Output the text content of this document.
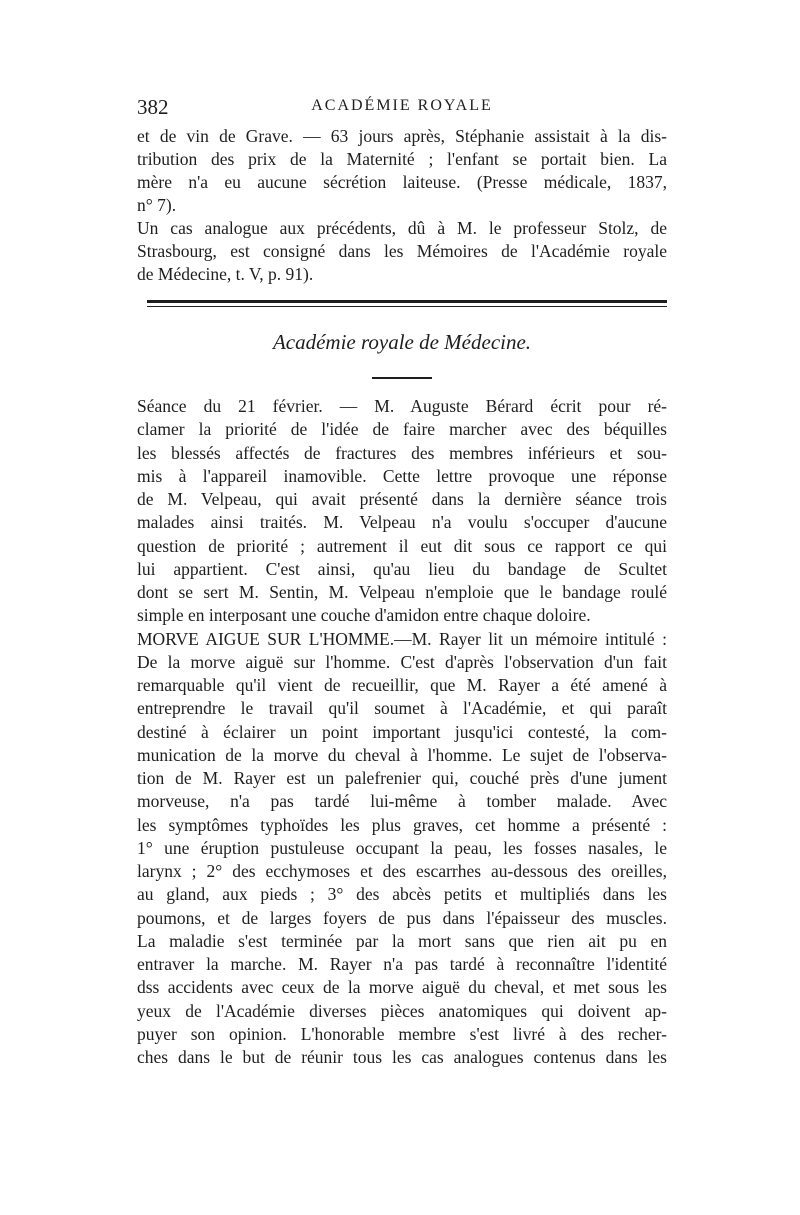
382	ACADÉMIE ROYALE

et de vin de Grave. — 63 jours après, Stéphanie assistait à la dis-

tribution des prix de la Maternité ; l'enfant se portait bien. La

mère n'a eu aucune sécrétion laiteuse. (Presse médicale, 1837,

n° 7).

Un cas analogue aux précédents, dû à M. le professeur Stolz, de

Strasbourg, est consigné dans les Mémoires de l'Académie royale

de Médecine, t. V, p. 91).

Académie royale de Médecine.

Séance du 21 février. — M. Auguste Bérard écrit pour ré-

clamer la priorité de l'idée de faire marcher avec des béquilles

les blessés affectés de fractures des membres inférieurs et sou-

mis à l'appareil inamovible. Cette lettre provoque une réponse

de M. Velpeau, qui avait présenté dans la dernière séance trois

malades ainsi traités. M. Velpeau n'a voulu s'occuper d'aucune

question de priorité ; autrement il eut dit sous ce rapport ce qui

lui appartient. C'est ainsi, qu'au lieu du bandage de Scultet

dont se sert M. Sentin, M. Velpeau n'emploie que le bandage roulé

simple en interposant une couche d'amidon entre chaque doloire.

MORVE AIGUE SUR L'HOMME.—M. Rayer lit un mémoire intitulé :

De la morve aiguë sur l'homme. C'est d'après l'observation d'un fait

remarquable qu'il vient de recueillir, que M. Rayer a été amené à

entreprendre le travail qu'il soumet à l'Académie, et qui paraît

destiné à éclairer un point important jusqu'ici contesté, la com-

munication de la morve du cheval à l'homme. Le sujet de l'observa-

tion de M. Rayer est un palefrenier qui, couché près d'une jument

morveuse, n'a pas tardé lui-même à tomber malade. Avec

les symptômes typhoïdes les plus graves, cet homme a présenté :

1° une éruption pustuleuse occupant la peau, les fosses nasales, le

larynx ; 2° des ecchymoses et des escarrhes au-dessous des oreilles,

au gland, aux pieds ; 3° des abcès petits et multipliés dans les

poumons, et de larges foyers de pus dans l'épaisseur des muscles.

La maladie s'est terminée par la mort sans que rien ait pu en

entraver la marche. M. Rayer n'a pas tardé à reconnaître l'identité

dss accidents avec ceux de la morve aiguë du cheval, et met sous les

yeux de l'Académie diverses pièces anatomiques qui doivent ap-

puyer son opinion. L'honorable membre s'est livré à des recher-

ches dans le but de réunir tous les cas analogues contenus dans les
